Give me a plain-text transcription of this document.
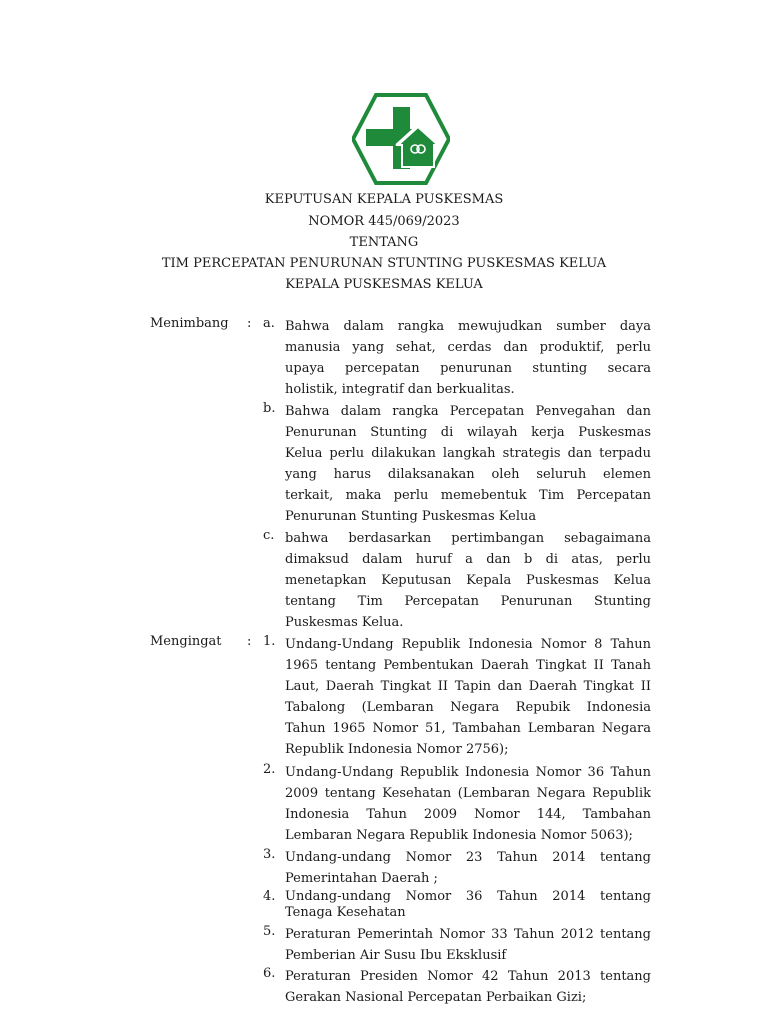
KEPUTUSAN KEPALA PUSKESMAS
NOMOR 445/069/2023
TENTANG
TIM PERCEPATAN PENURUNAN STUNTING PUSKESMAS KELUA
KEPALA PUSKESMAS KELUA
Menimbang : a. Bahwa dalam rangka mewujudkan sumber daya
manusia yang sehat, cerdas dan produktif, perlu
upaya percepatan penurunan stunting secara
holistik, integratif dan berkualitas.
b. Bahwa dalam rangka Percepatan Penvegahan dan
Penurunan Stunting di wilayah kerja Puskesmas
Kelua perlu dilakukan langkah strategis dan terpadu
yang harus dilaksanakan oleh seluruh elemen
terkait, maka perlu memebentuk Tim Percepatan
Penurunan Stunting Puskesmas Kelua
c. bahwa berdasarkan pertimbangan sebagaimana
dimaksud dalam huruf a dan b di atas, perlu
menetapkan Keputusan Kepala Puskesmas Kelua
tentang Tim Percepatan Penurunan Stunting
Puskesmas Kelua.
Mengingat : 1. Undang-Undang Republik Indonesia Nomor 8 Tahun
1965 tentang Pembentukan Daerah Tingkat II Tanah
Laut, Daerah Tingkat II Tapin dan Daerah Tingkat II
Tabalong (Lembaran Negara Repubik Indonesia
Tahun 1965 Nomor 51, Tambahan Lembaran Negara
Republik Indonesia Nomor 2756);
2. Undang-Undang Republik Indonesia Nomor 36 Tahun
2009 tentang Kesehatan (Lembaran Negara Republik
Indonesia Tahun 2009 Nomor 144, Tambahan
Lembaran Negara Republik Indonesia Nomor 5063);
3. Undang-undang Nomor 23 Tahun 2014 tentang
Pemerintahan Daerah ;
4. Undang-undang Nomor 36 Tahun 2014 tentang
Tenaga Kesehatan
5. Peraturan Pemerintah Nomor 33 Tahun 2012 tentang
Pemberian Air Susu Ibu Eksklusif
6. Peraturan Presiden Nomor 42 Tahun 2013 tentang
Gerakan Nasional Percepatan Perbaikan Gizi;
